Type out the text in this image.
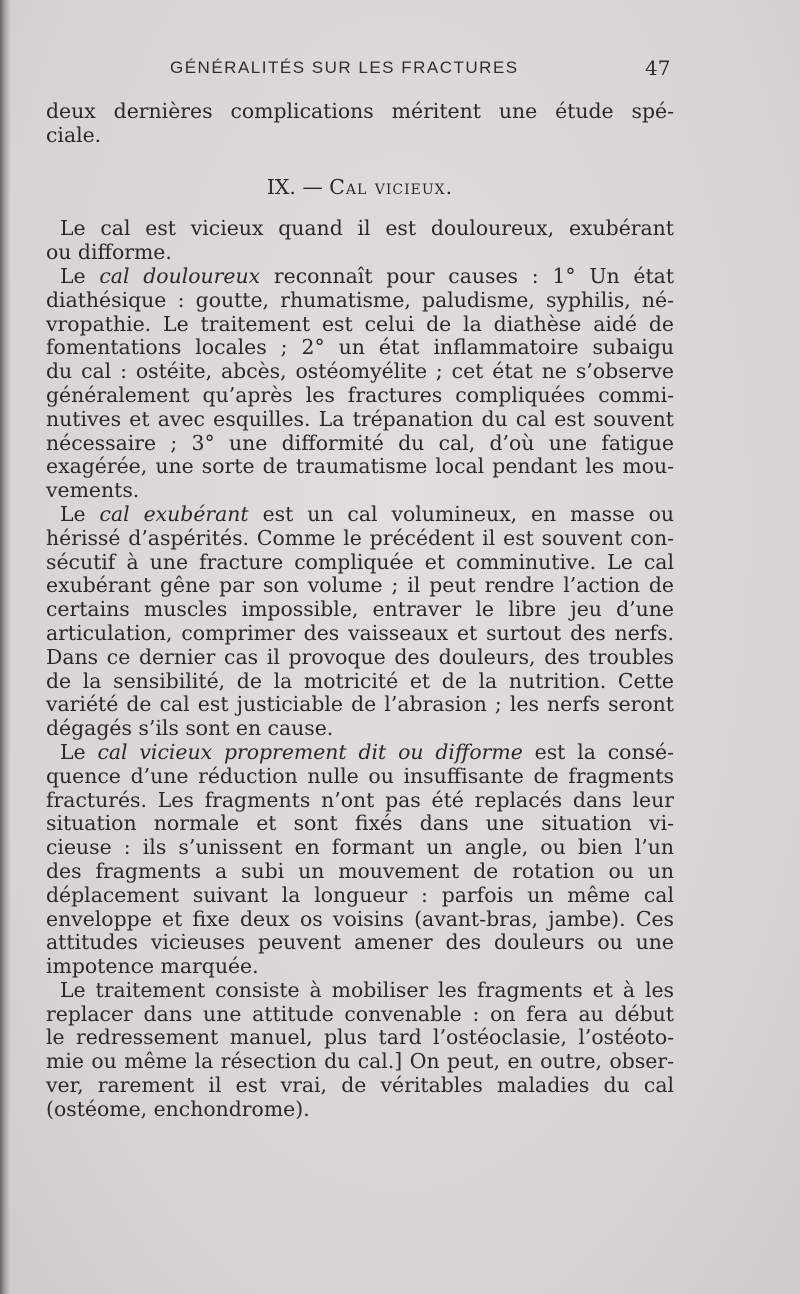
GÉNÉRALITÉS SUR LES FRACTURES	47
deux dernières complications méritent une étude spé-
ciale.
IX. — Cal vicieux.
Le cal est vicieux quand il est douloureux, exubérant
ou difforme.
Le cal douloureux reconnaît pour causes : 1° Un état
diathésique : goutte, rhumatisme, paludisme, syphilis, né-
vropathie. Le traitement est celui de la diathèse aidé de
fomentations locales ; 2° un état inflammatoire subaigu
du cal : ostéite, abcès, ostéomyélite ; cet état ne s’observe
généralement qu’après les fractures compliquées commi-
nutives et avec esquilles. La trépanation du cal est souvent
nécessaire ; 3° une difformité du cal, d’où une fatigue
exagérée, une sorte de traumatisme local pendant les mou-
vements.
Le cal exubérant est un cal volumineux, en masse ou
hérissé d’aspérités. Comme le précédent il est souvent con-
sécutif à une fracture compliquée et comminutive. Le cal
exubérant gêne par son volume ; il peut rendre l’action de
certains muscles impossible, entraver le libre jeu d’une
articulation, comprimer des vaisseaux et surtout des nerfs.
Dans ce dernier cas il provoque des douleurs, des troubles
de la sensibilité, de la motricité et de la nutrition. Cette
variété de cal est justiciable de l’abrasion ; les nerfs seront
dégagés s’ils sont en cause.
Le cal vicieux proprement dit ou difforme est la consé-
quence d’une réduction nulle ou insuffisante de fragments
fracturés. Les fragments n’ont pas été replacés dans leur
situation normale et sont fixés dans une situation vi-
cieuse : ils s’unissent en formant un angle, ou bien l’un
des fragments a subi un mouvement de rotation ou un
déplacement suivant la longueur : parfois un même cal
enveloppe et fixe deux os voisins (avant-bras, jambe). Ces
attitudes vicieuses peuvent amener des douleurs ou une
impotence marquée.
Le traitement consiste à mobiliser les fragments et à les
replacer dans une attitude convenable : on fera au début
le redressement manuel, plus tard l’ostéoclasie, l’ostéoto-
mie ou même la résection du cal.] On peut, en outre, obser-
ver, rarement il est vrai, de véritables maladies du cal
(ostéome, enchondrome).
